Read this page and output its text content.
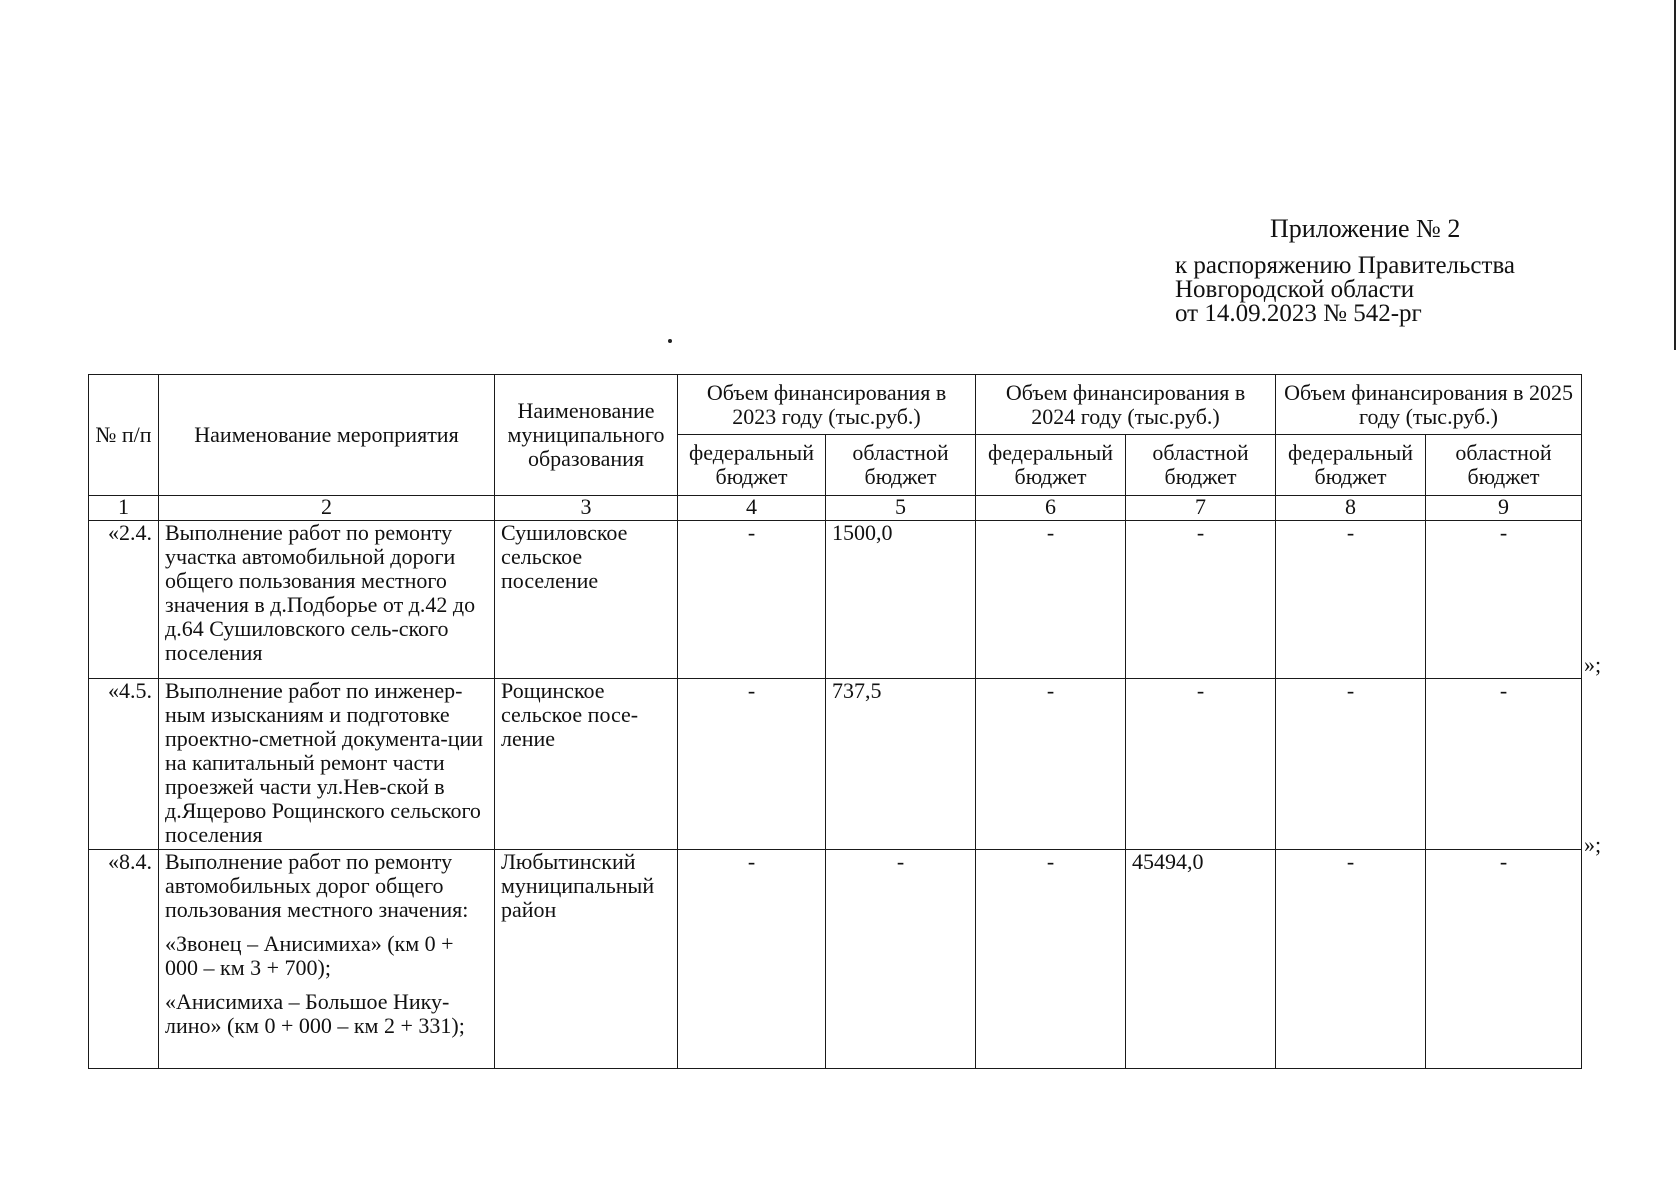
Приложение № 2
к распоряжению Правительства
Новгородской области
от 14.09.2023 № 542-рг
№ п/п	Наименование мероприятия	Наименование муниципального образования	Объем финансирования в 2023 году (тыс.руб.)		Объем финансирования в 2024 году (тыс.руб.)		Объем финансирования в 2025 году (тыс.руб.)	
			федеральный бюджет	областной бюджет	федеральный бюджет	областной бюджет	федеральный бюджет	областной бюджет
1	2	3	4	5	6	7	8	9
«2.4.	Выполнение работ по ремонту участка автомобильной дороги общего пользования местного значения в д.Подборье от д.42 до д.64 Сушиловского сель-ского поселения	Сушиловское сельское поселение	-	1500,0	-	-	-	-
«4.5.	Выполнение работ по инженер-ным изысканиям и подготовке проектно-сметной документа-ции на капитальный ремонт части проезжей части ул.Нев-ской в д.Ящерово Рощинского сельского поселения	Рощинское сельское посе-ление	-	737,5	-	-	-	-
«8.4.	Выполнение работ по ремонту автомобильных дорог общего пользования местного значения:

«Звонец – Анисимиха» (км 0 + 000 – км 3 + 700);

«Анисимиха – Большое Нику-лино» (км 0 + 000 – км 2 + 331);	Любытинский муниципальный район	-	-	-	45494,0	-	-
»;
»;
